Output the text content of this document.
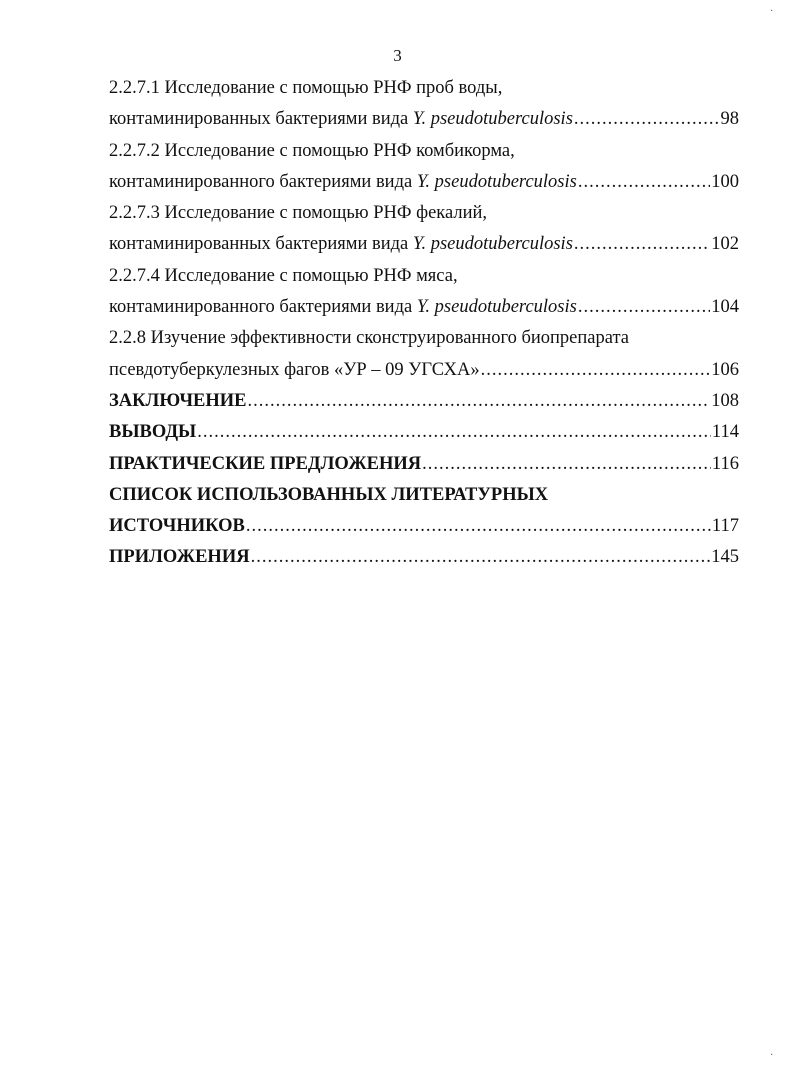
3
2.2.7.1 Исследование с помощью РНФ проб воды,
контаминированных бактериями вида Y. pseudotuberculosis .....	98
2.2.7.2 Исследование с помощью РНФ комбикорма,
контаминированного бактериями вида Y. pseudotuberculosis .....	100
2.2.7.3 Исследование с помощью РНФ фекалий,
контаминированных бактериями вида Y. pseudotuberculosis .....	102
2.2.7.4 Исследование с помощью РНФ мяса,
контаминированного бактериями вида Y. pseudotuberculosis .....	104
2.2.8 Изучение эффективности сконструированного биопрепарата
псевдотуберкулезных фагов «УР – 09 УГСХА» .....	106
ЗАКЛЮЧЕНИЕ .....	108
ВЫВОДЫ .....	114
ПРАКТИЧЕСКИЕ ПРЕДЛОЖЕНИЯ .....	116
СПИСОК ИСПОЛЬЗОВАННЫХ ЛИТЕРАТУРНЫХ
ИСТОЧНИКОВ .....	117
ПРИЛОЖЕНИЯ .....	145
·
·
